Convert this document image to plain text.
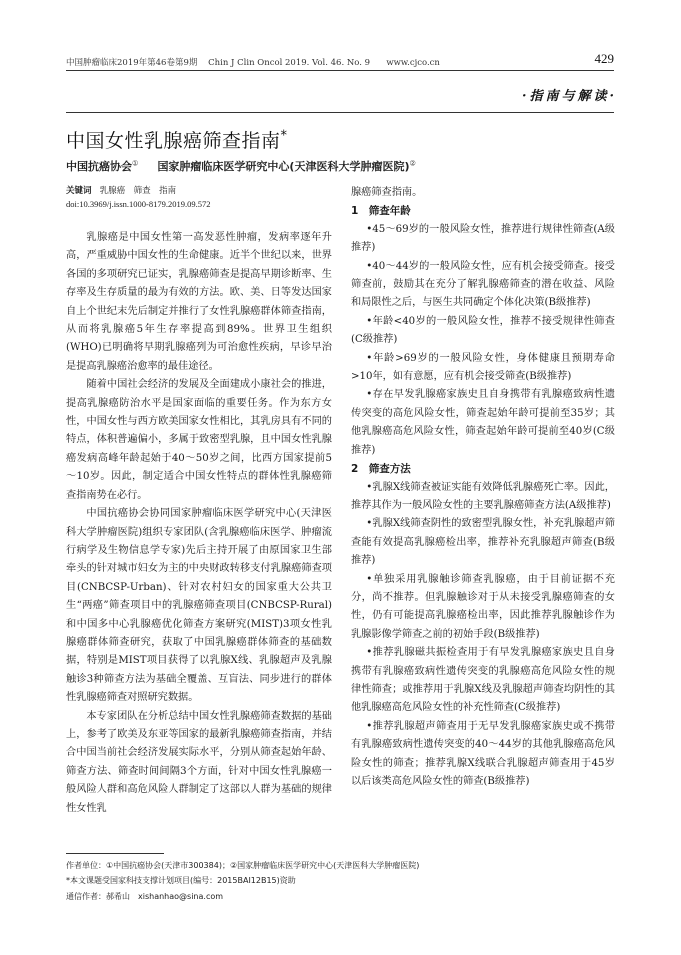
中国肿瘤临床2019年第46卷第9期 Chin J Clin Oncol 2019. Vol. 46. No. 9 www.cjco.cn	429
·指南与解读·
中国女性乳腺癌筛查指南*
中国抗癌协会① 国家肿瘤临床医学研究中心(天津医科大学肿瘤医院)②
关键词 乳腺癌　筛查　指南
doi:10.3969/j.issn.1000-8179.2019.09.572

乳腺癌是中国女性第一高发恶性肿瘤，发病率逐年升高，严重威胁中国女性的生命健康。近半个世纪以来，世界各国的多项研究已证实，乳腺癌筛查是提高早期诊断率、生存率及生存质量的最为有效的方法。欧、美、日等发达国家自上个世纪末先后制定并推行了女性乳腺癌群体筛查指南，从而将乳腺癌5年生存率提高到89%。世界卫生组织(WHO)已明确将早期乳腺癌列为可治愈性疾病，早诊早治是提高乳腺癌治愈率的最佳途径。

随着中国社会经济的发展及全面建成小康社会的推进，提高乳腺癌防治水平是国家面临的重要任务。作为东方女性，中国女性与西方欧美国家女性相比，其乳房具有不同的特点，体积普遍偏小，多属于致密型乳腺，且中国女性乳腺癌发病高峰年龄起始于40～50岁之间，比西方国家提前5～10岁。因此，制定适合中国女性特点的群体性乳腺癌筛查指南势在必行。

中国抗癌协会协同国家肿瘤临床医学研究中心(天津医科大学肿瘤医院)组织专家团队(含乳腺癌临床医学、肿瘤流行病学及生物信息学专家)先后主持开展了由原国家卫生部牵头的针对城市妇女为主的中央财政转移支付乳腺癌筛查项目(CNBCSP-Urban)、针对农村妇女的国家重大公共卫生“两癌”筛查项目中的乳腺癌筛查项目(CNBCSP-Rural)和中国多中心乳腺癌优化筛查方案研究(MIST)3项女性乳腺癌群体筛查研究，获取了中国乳腺癌群体筛查的基础数据，特别是MIST项目获得了以乳腺X线、乳腺超声及乳腺触诊3种筛查方法为基础全覆盖、互盲法、同步进行的群体性乳腺癌筛查对照研究数据。

本专家团队在分析总结中国女性乳腺癌筛查数据的基础上，参考了欧美及东亚等国家的最新乳腺癌筛查指南，并结合中国当前社会经济发展实际水平，分别从筛查起始年龄、筛查方法、筛查时间间隔3个方面，针对中国女性乳腺癌一般风险人群和高危风险人群制定了这部以人群为基础的规律性女性乳

腺癌筛查指南。

1　筛查年龄

•45～69岁的一般风险女性，推荐进行规律性筛查(A级推荐)

•40～44岁的一般风险女性，应有机会接受筛查。接受筛查前，鼓励其在充分了解乳腺癌筛查的潜在收益、风险和局限性之后，与医生共同确定个体化决策(B级推荐)

•年龄<40岁的一般风险女性，推荐不接受规律性筛查(C级推荐)

•年龄>69岁的一般风险女性，身体健康且预期寿命>10年，如有意愿，应有机会接受筛查(B级推荐)

•存在早发乳腺癌家族史且自身携带有乳腺癌致病性遗传突变的高危风险女性，筛查起始年龄可提前至35岁；其他乳腺癌高危风险女性，筛查起始年龄可提前至40岁(C级推荐)

2　筛查方法

•乳腺X线筛查被证实能有效降低乳腺癌死亡率。因此，推荐其作为一般风险女性的主要乳腺癌筛查方法(A级推荐)

•乳腺X线筛查阴性的致密型乳腺女性，补充乳腺超声筛查能有效提高乳腺癌检出率，推荐补充乳腺超声筛查(B级推荐)

•单独采用乳腺触诊筛查乳腺癌，由于目前证据不充分，尚不推荐。但乳腺触诊对于从未接受乳腺癌筛查的女性，仍有可能提高乳腺癌检出率，因此推荐乳腺触诊作为乳腺影像学筛查之前的初始手段(B级推荐)

•推荐乳腺磁共振检查用于有早发乳腺癌家族史且自身携带有乳腺癌致病性遗传突变的乳腺癌高危风险女性的规律性筛查；或推荐用于乳腺X线及乳腺超声筛查均阴性的其他乳腺癌高危风险女性的补充性筛查(C级推荐)

•推荐乳腺超声筛查用于无早发乳腺癌家族史或不携带有乳腺癌致病性遗传突变的40～44岁的其他乳腺癌高危风险女性的筛查；推荐乳腺X线联合乳腺超声筛查用于45岁以后该类高危风险女性的筛查(B级推荐)

作者单位：①中国抗癌协会(天津市300384)；②国家肿瘤临床医学研究中心(天津医科大学肿瘤医院)
*本文课题受国家科技支撑计划项目(编号：2015BAI12B15)资助
通信作者：郝希山　xishanhao@sina.com
